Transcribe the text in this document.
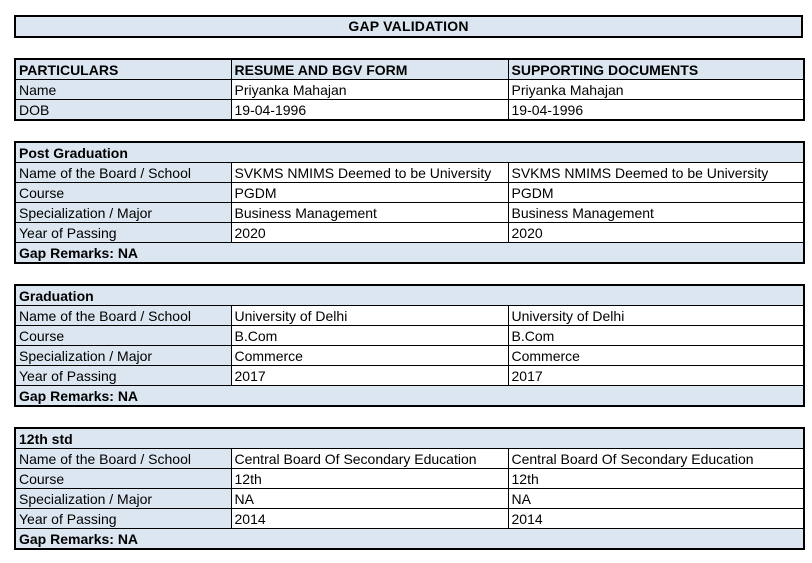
GAP VALIDATION
PARTICULARS	RESUME AND BGV FORM	SUPPORTING DOCUMENTS
Name	Priyanka Mahajan	Priyanka Mahajan
DOB	19-04-1996	19-04-1996
Post Graduation		
Name of the Board / School	SVKMS NMIMS Deemed to be University	SVKMS NMIMS Deemed to be University
Course	PGDM	PGDM
Specialization / Major	Business Management	Business Management
Year of Passing	2020	2020
Gap Remarks: NA		
Graduation		
Name of the Board / School	University of Delhi	University of Delhi
Course	B.Com	B.Com
Specialization / Major	Commerce	Commerce
Year of Passing	2017	2017
Gap Remarks: NA		
12th std		
Name of the Board / School	Central Board Of Secondary Education	Central Board Of Secondary Education
Course	12th	12th
Specialization / Major	NA	NA
Year of Passing	2014	2014
Gap Remarks: NA		
